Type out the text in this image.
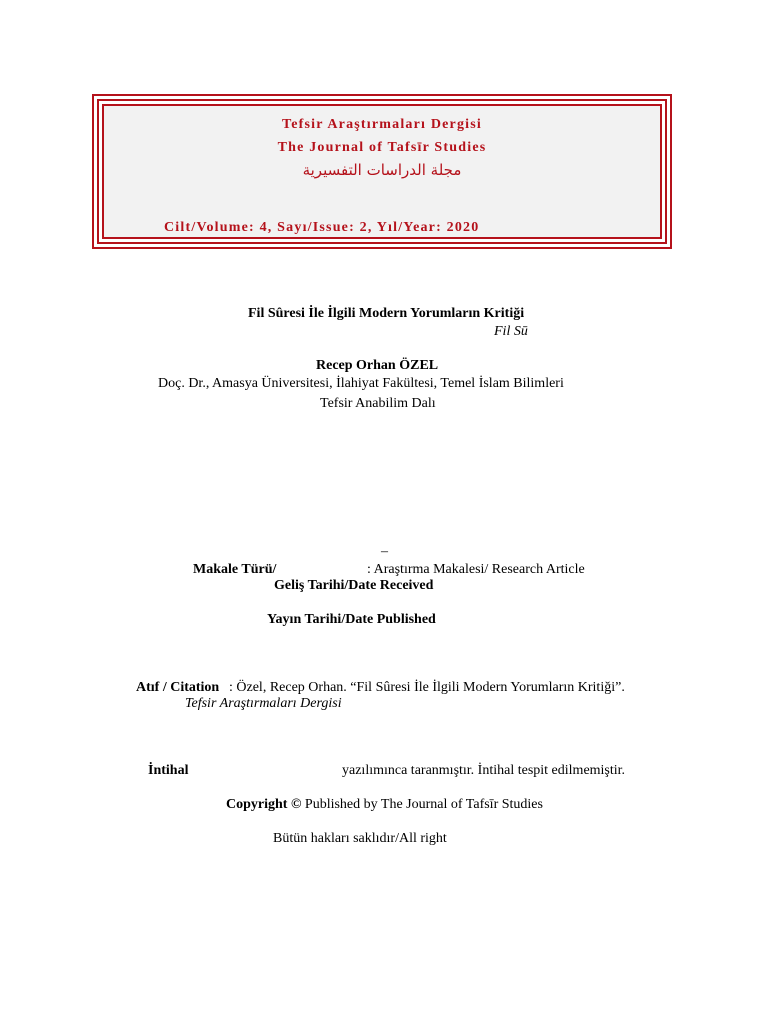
Tefsir Araştırmaları Dergisi
The Journal of Tafsīr Studies
مجلة الدراسات التفسيرية
Cilt/Volume: 4, Sayı/Issue: 2, Yıl/Year: 2020
Fil Sûresi İle İlgili Modern Yorumların Kritiği
Fil Sū
Recep Orhan ÖZEL
Doç. Dr., Amasya Üniversitesi, İlahiyat Fakültesi, Temel İslam Bilimleri
Tefsir Anabilim Dalı
–
Makale Türü/	: Araştırma Makalesi/ Research Article
Geliş Tarihi/Date Received
Yayın Tarihi/Date Published
Atıf / Citation : Özel, Recep Orhan. “Fil Sûresi İle İlgili Modern Yorumların Kritiği”.
Tefsir Araştırmaları Dergisi
İntihal	yazılımınca taranmıştır. İntihal tespit edilmemiştir.
Copyright © Published by The Journal of Tafsīr Studies
Bütün hakları saklıdır/All right
